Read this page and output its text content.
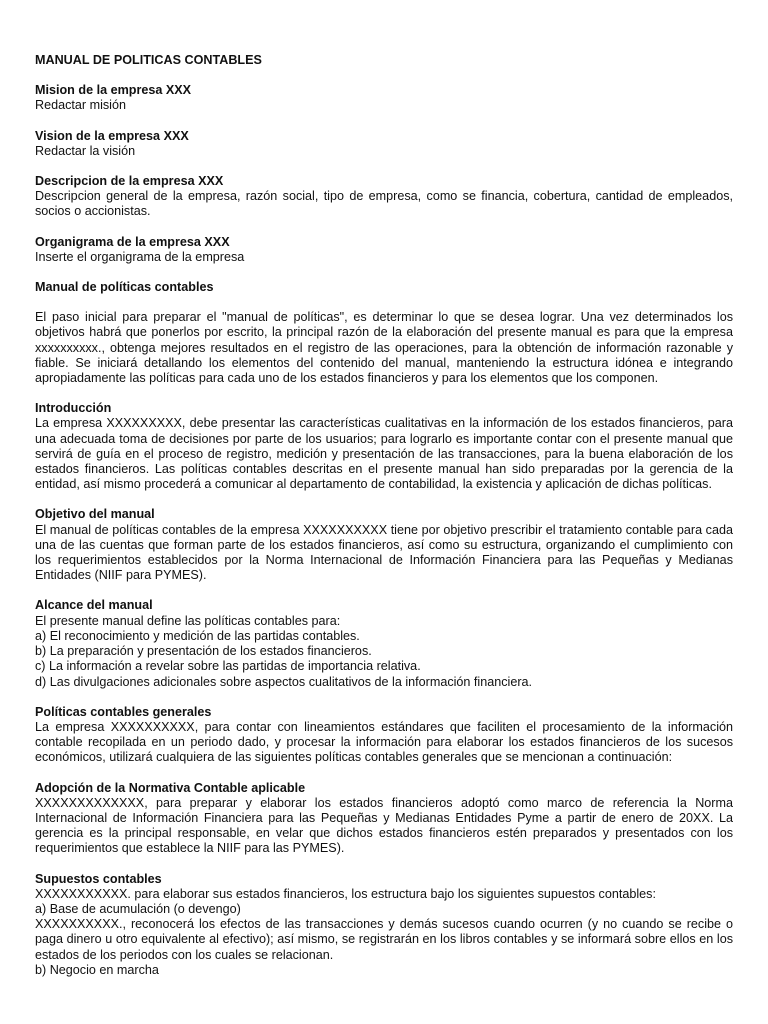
MANUAL DE POLITICAS CONTABLES

Mision de la empresa XXX

Redactar misión

Vision de la empresa XXX

Redactar la visión

Descripcion de la empresa XXX

Descripcion general de la empresa, razón social, tipo de empresa, como se financia, cobertura, cantidad de empleados, socios o accionistas.

Organigrama de la empresa XXX

Inserte el organigrama de la empresa

Manual de políticas contables

El paso inicial para preparar el "manual de políticas", es determinar lo que se desea lograr. Una vez determinados los objetivos habrá que ponerlos por escrito, la principal razón de la elaboración del presente manual es para que la empresa xxxxxxxxxx., obtenga mejores resultados en el registro de las operaciones, para la obtención de información razonable y fiable. Se iniciará detallando los elementos del contenido del manual, manteniendo la estructura idónea e integrando apropiadamente las políticas para cada uno de los estados financieros y para los elementos que los componen.

Introducción

La empresa XXXXXXXXX, debe presentar las características cualitativas en la información de los estados financieros, para una adecuada toma de decisiones por parte de los usuarios; para lograrlo es importante contar con el presente manual que servirá de guía en el proceso de registro, medición y presentación de las transacciones, para la buena elaboración de los estados financieros. Las políticas contables descritas en el presente manual han sido preparadas por la gerencia de la entidad, así mismo procederá a comunicar al departamento de contabilidad, la existencia y aplicación de dichas políticas.

Objetivo del manual

El manual de políticas contables de la empresa XXXXXXXXXX tiene por objetivo prescribir el tratamiento contable para cada una de las cuentas que forman parte de los estados financieros, así como su estructura, organizando el cumplimiento con los requerimientos establecidos por la Norma Internacional de Información Financiera para las Pequeñas y Medianas Entidades (NIIF para PYMES).

Alcance del manual

El presente manual define las políticas contables para:

a) El reconocimiento y medición de las partidas contables.

b) La preparación y presentación de los estados financieros.

c) La información a revelar sobre las partidas de importancia relativa.

d) Las divulgaciones adicionales sobre aspectos cualitativos de la información financiera.

Políticas contables generales

La empresa XXXXXXXXXX, para contar con lineamientos estándares que faciliten el procesamiento de la información contable recopilada en un periodo dado, y procesar la información para elaborar los estados financieros de los sucesos económicos, utilizará cualquiera de las siguientes políticas contables generales que se mencionan a continuación:

Adopción de la Normativa Contable aplicable

XXXXXXXXXXXXX, para preparar y elaborar los estados financieros adoptó como marco de referencia la Norma Internacional de Información Financiera para las Pequeñas y Medianas Entidades Pyme a partir de enero de 20XX. La gerencia es la principal responsable, en velar que dichos estados financieros estén preparados y presentados con los requerimientos que establece la NIIF para las PYMES).

Supuestos contables

XXXXXXXXXXX. para elaborar sus estados financieros, los estructura bajo los siguientes supuestos contables:

a) Base de acumulación (o devengo)

XXXXXXXXXX., reconocerá los efectos de las transacciones y demás sucesos cuando ocurren (y no cuando se recibe o paga dinero u otro equivalente al efectivo); así mismo, se registrarán en los libros contables y se informará sobre ellos en los estados de los periodos con los cuales se relacionan.

b) Negocio en marcha
